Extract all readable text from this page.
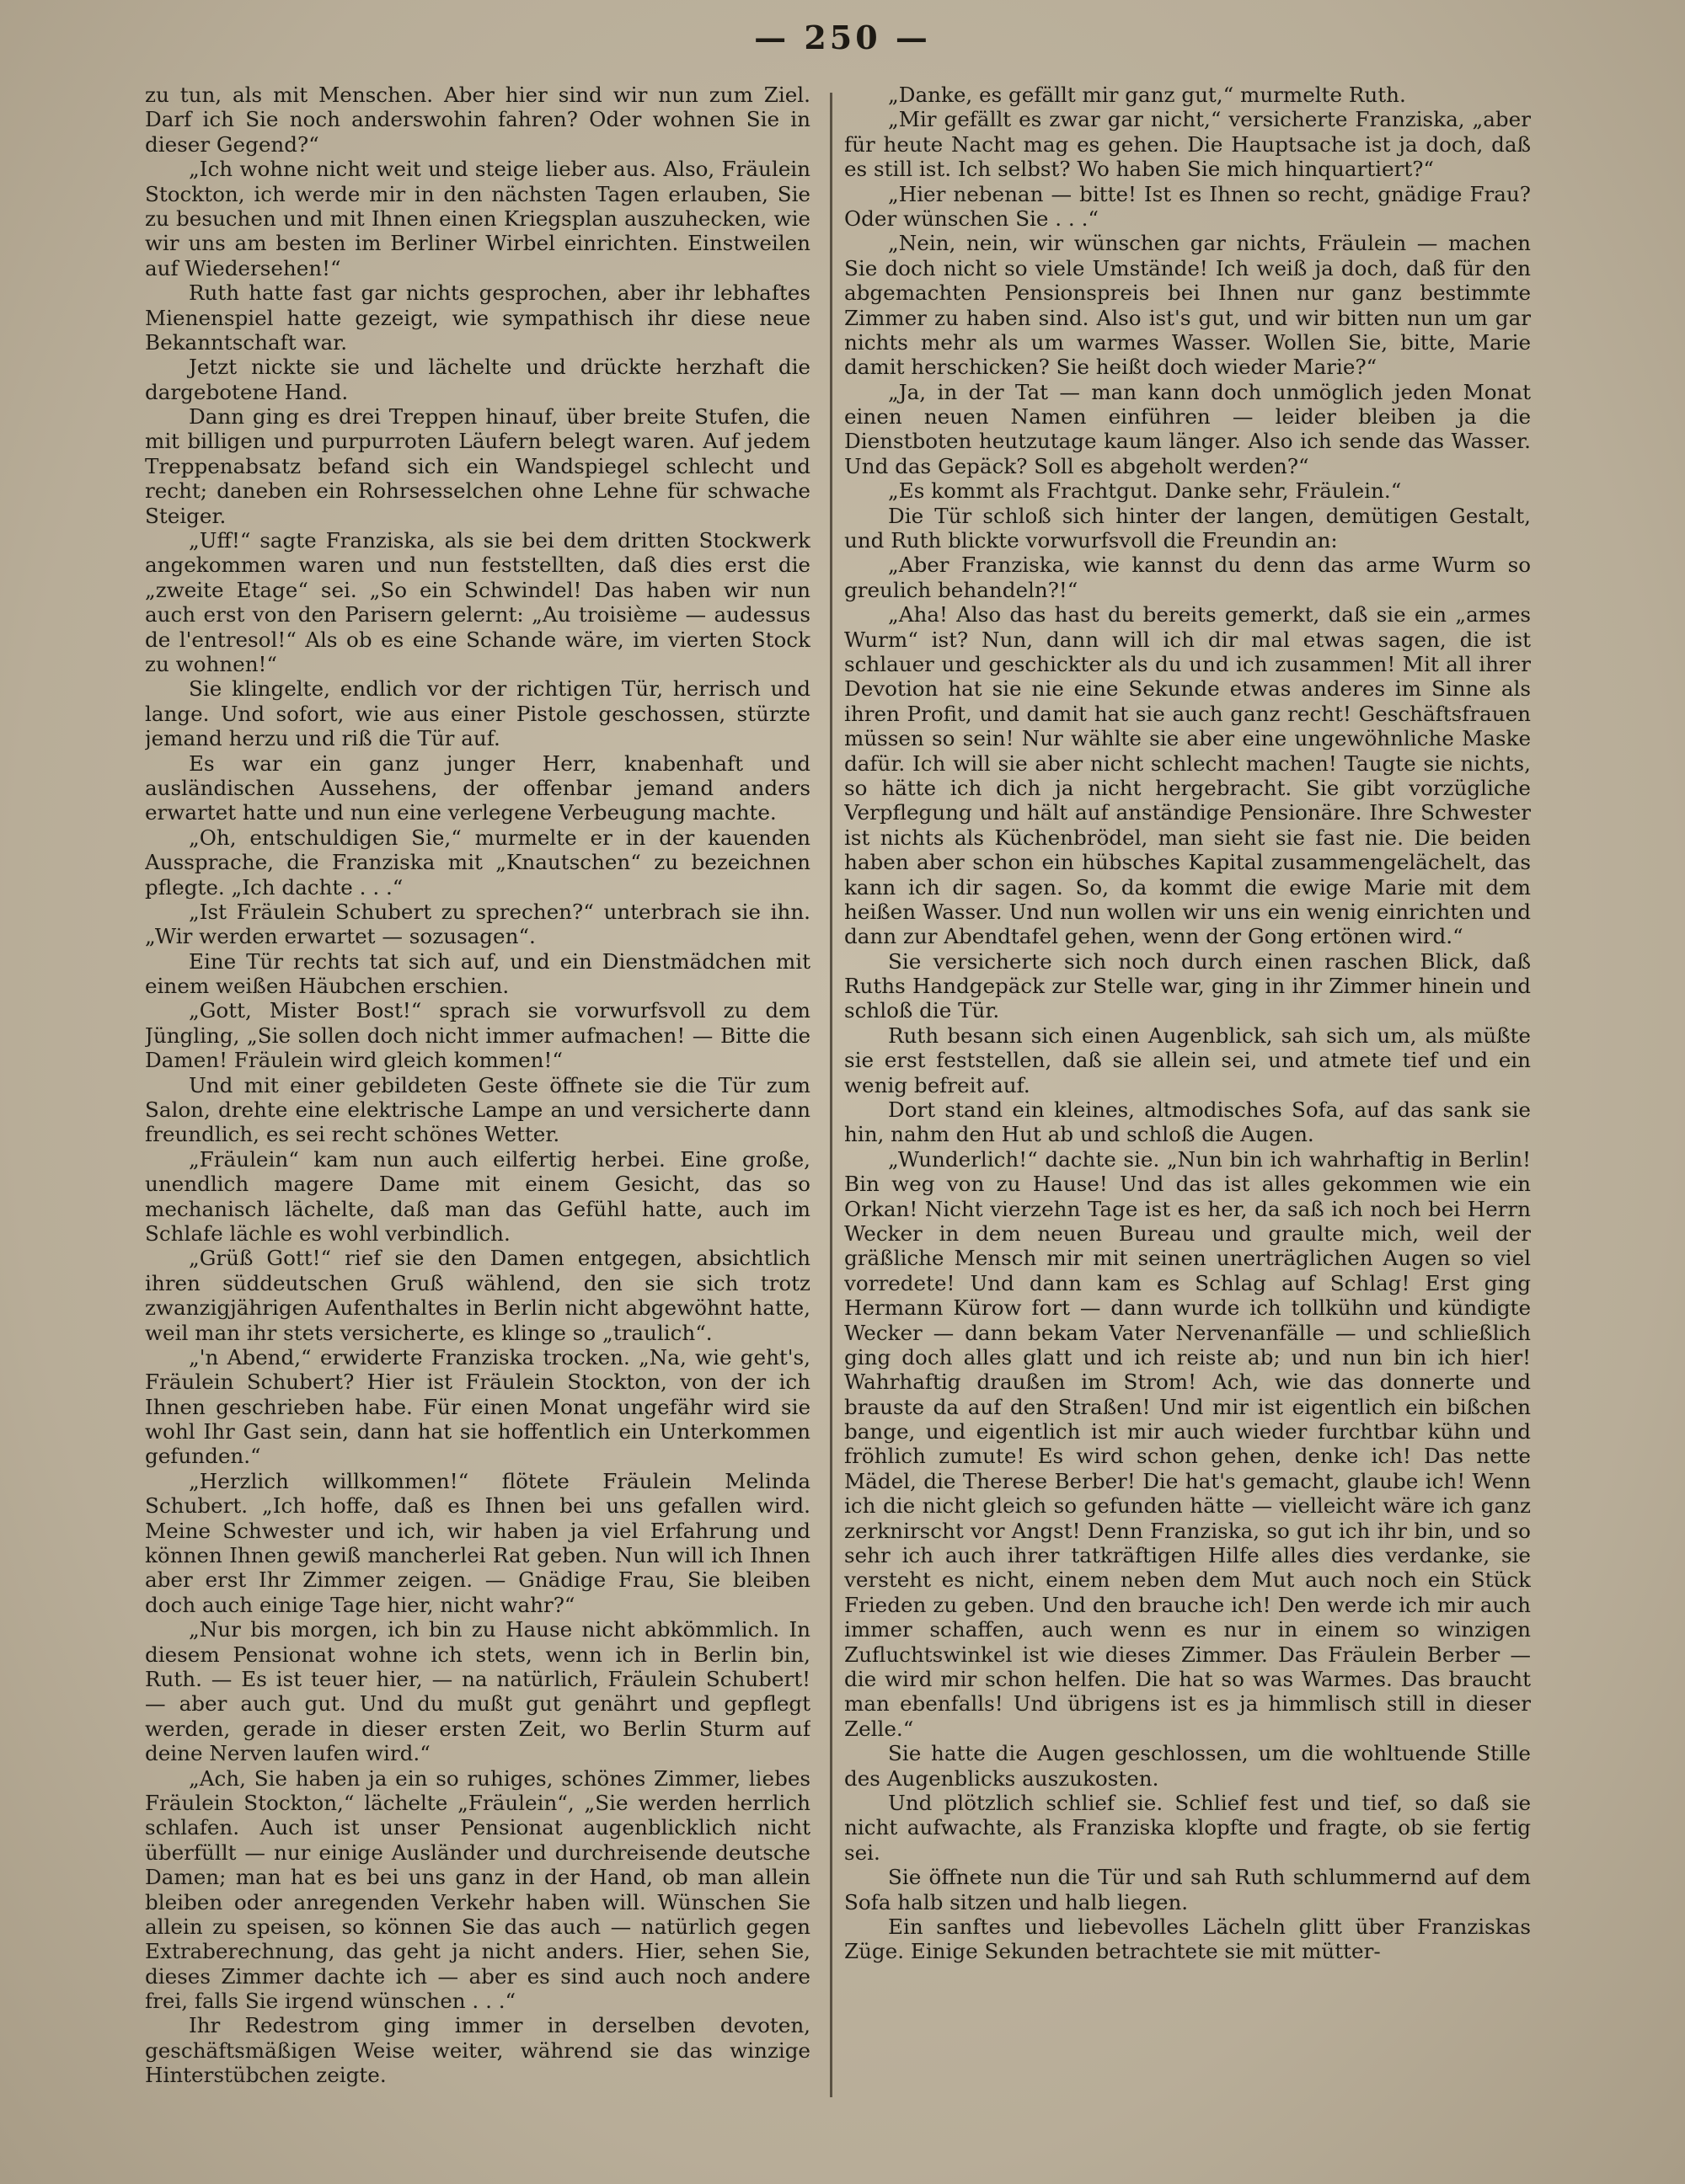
— 250 —

zu tun, als mit Menschen. Aber hier sind wir nun zum Ziel. Darf ich Sie noch anderswohin fahren? Oder wohnen Sie in dieser Gegend?“

„Ich wohne nicht weit und steige lieber aus. Also, Fräulein Stockton, ich werde mir in den nächsten Tagen erlauben, Sie zu besuchen und mit Ihnen einen Kriegsplan auszuhecken, wie wir uns am besten im Berliner Wirbel einrichten. Einstweilen auf Wiedersehen!“

Ruth hatte fast gar nichts gesprochen, aber ihr lebhaftes Mienenspiel hatte gezeigt, wie sympathisch ihr diese neue Bekanntschaft war.

Jetzt nickte sie und lächelte und drückte herzhaft die dargebotene Hand.

Dann ging es drei Treppen hinauf, über breite Stufen, die mit billigen und purpurroten Läufern belegt waren. Auf jedem Treppenabsatz befand sich ein Wandspiegel schlecht und recht; daneben ein Rohrsesselchen ohne Lehne für schwache Steiger.

„Uff!“ sagte Franziska, als sie bei dem dritten Stockwerk angekommen waren und nun feststellten, daß dies erst die „zweite Etage“ sei. „So ein Schwindel! Das haben wir nun auch erst von den Parisern gelernt: „Au troisième — audessus de l'entresol!“ Als ob es eine Schande wäre, im vierten Stock zu wohnen!“

Sie klingelte, endlich vor der richtigen Tür, herrisch und lange. Und sofort, wie aus einer Pistole geschossen, stürzte jemand herzu und riß die Tür auf.

Es war ein ganz junger Herr, knabenhaft und ausländischen Aussehens, der offenbar jemand anders erwartet hatte und nun eine verlegene Verbeugung machte.

„Oh, entschuldigen Sie,“ murmelte er in der kauenden Aussprache, die Franziska mit „Knautschen“ zu bezeichnen pflegte. „Ich dachte . . .“

„Ist Fräulein Schubert zu sprechen?“ unterbrach sie ihn. „Wir werden erwartet — sozusagen“.

Eine Tür rechts tat sich auf, und ein Dienstmädchen mit einem weißen Häubchen erschien.

„Gott, Mister Bost!“ sprach sie vorwurfsvoll zu dem Jüngling, „Sie sollen doch nicht immer aufmachen! — Bitte die Damen! Fräulein wird gleich kommen!“

Und mit einer gebildeten Geste öffnete sie die Tür zum Salon, drehte eine elektrische Lampe an und versicherte dann freundlich, es sei recht schönes Wetter.

„Fräulein“ kam nun auch eilfertig herbei. Eine große, unendlich magere Dame mit einem Gesicht, das so mechanisch lächelte, daß man das Gefühl hatte, auch im Schlafe lächle es wohl verbindlich.

„Grüß Gott!“ rief sie den Damen entgegen, absichtlich ihren süddeutschen Gruß wählend, den sie sich trotz zwanzigjährigen Aufenthaltes in Berlin nicht abgewöhnt hatte, weil man ihr stets versicherte, es klinge so „traulich“.

„'n Abend,“ erwiderte Franziska trocken. „Na, wie geht's, Fräulein Schubert? Hier ist Fräulein Stockton, von der ich Ihnen geschrieben habe. Für einen Monat ungefähr wird sie wohl Ihr Gast sein, dann hat sie hoffentlich ein Unterkommen gefunden.“

„Herzlich willkommen!“ flötete Fräulein Melinda Schubert. „Ich hoffe, daß es Ihnen bei uns gefallen wird. Meine Schwester und ich, wir haben ja viel Erfahrung und können Ihnen gewiß mancherlei Rat geben. Nun will ich Ihnen aber erst Ihr Zimmer zeigen. — Gnädige Frau, Sie bleiben doch auch einige Tage hier, nicht wahr?“

„Nur bis morgen, ich bin zu Hause nicht abkömmlich. In diesem Pensionat wohne ich stets, wenn ich in Berlin bin, Ruth. — Es ist teuer hier, — na natürlich, Fräulein Schubert! — aber auch gut. Und du mußt gut genährt und gepflegt werden, gerade in dieser ersten Zeit, wo Berlin Sturm auf deine Nerven laufen wird.“

„Ach, Sie haben ja ein so ruhiges, schönes Zimmer, liebes Fräulein Stockton,“ lächelte „Fräulein“, „Sie werden herrlich schlafen. Auch ist unser Pensionat augenblicklich nicht überfüllt — nur einige Ausländer und durchreisende deutsche Damen; man hat es bei uns ganz in der Hand, ob man allein bleiben oder anregenden Verkehr haben will. Wünschen Sie allein zu speisen, so können Sie das auch — natürlich gegen Extraberechnung, das geht ja nicht anders. Hier, sehen Sie, dieses Zimmer dachte ich — aber es sind auch noch andere frei, falls Sie irgend wünschen . . .“

Ihr Redestrom ging immer in derselben devoten, geschäftsmäßigen Weise weiter, während sie das winzige Hinterstübchen zeigte.

„Danke, es gefällt mir ganz gut,“ murmelte Ruth.

„Mir gefällt es zwar gar nicht,“ versicherte Franziska, „aber für heute Nacht mag es gehen. Die Hauptsache ist ja doch, daß es still ist. Ich selbst? Wo haben Sie mich hinquartiert?“

„Hier nebenan — bitte! Ist es Ihnen so recht, gnädige Frau? Oder wünschen Sie . . .“

„Nein, nein, wir wünschen gar nichts, Fräulein — machen Sie doch nicht so viele Umstände! Ich weiß ja doch, daß für den abgemachten Pensionspreis bei Ihnen nur ganz bestimmte Zimmer zu haben sind. Also ist's gut, und wir bitten nun um gar nichts mehr als um warmes Wasser. Wollen Sie, bitte, Marie damit herschicken? Sie heißt doch wieder Marie?“

„Ja, in der Tat — man kann doch unmöglich jeden Monat einen neuen Namen einführen — leider bleiben ja die Dienstboten heutzutage kaum länger. Also ich sende das Wasser. Und das Gepäck? Soll es abgeholt werden?“

„Es kommt als Frachtgut. Danke sehr, Fräulein.“

Die Tür schloß sich hinter der langen, demütigen Gestalt, und Ruth blickte vorwurfsvoll die Freundin an:

„Aber Franziska, wie kannst du denn das arme Wurm so greulich behandeln?!“

„Aha! Also das hast du bereits gemerkt, daß sie ein „armes Wurm“ ist? Nun, dann will ich dir mal etwas sagen, die ist schlauer und geschickter als du und ich zusammen! Mit all ihrer Devotion hat sie nie eine Sekunde etwas anderes im Sinne als ihren Profit, und damit hat sie auch ganz recht! Geschäftsfrauen müssen so sein! Nur wählte sie aber eine ungewöhnliche Maske dafür. Ich will sie aber nicht schlecht machen! Taugte sie nichts, so hätte ich dich ja nicht hergebracht. Sie gibt vorzügliche Verpflegung und hält auf anständige Pensionäre. Ihre Schwester ist nichts als Küchenbrödel, man sieht sie fast nie. Die beiden haben aber schon ein hübsches Kapital zusammengelächelt, das kann ich dir sagen. So, da kommt die ewige Marie mit dem heißen Wasser. Und nun wollen wir uns ein wenig einrichten und dann zur Abendtafel gehen, wenn der Gong ertönen wird.“

Sie versicherte sich noch durch einen raschen Blick, daß Ruths Handgepäck zur Stelle war, ging in ihr Zimmer hinein und schloß die Tür.

Ruth besann sich einen Augenblick, sah sich um, als müßte sie erst feststellen, daß sie allein sei, und atmete tief und ein wenig befreit auf.

Dort stand ein kleines, altmodisches Sofa, auf das sank sie hin, nahm den Hut ab und schloß die Augen.

„Wunderlich!“ dachte sie. „Nun bin ich wahrhaftig in Berlin! Bin weg von zu Hause! Und das ist alles gekommen wie ein Orkan! Nicht vierzehn Tage ist es her, da saß ich noch bei Herrn Wecker in dem neuen Bureau und graulte mich, weil der gräßliche Mensch mir mit seinen unerträglichen Augen so viel vorredete! Und dann kam es Schlag auf Schlag! Erst ging Hermann Kürow fort — dann wurde ich tollkühn und kündigte Wecker — dann bekam Vater Nervenanfälle — und schließlich ging doch alles glatt und ich reiste ab; und nun bin ich hier! Wahrhaftig draußen im Strom! Ach, wie das donnerte und brauste da auf den Straßen! Und mir ist eigentlich ein bißchen bange, und eigentlich ist mir auch wieder furchtbar kühn und fröhlich zumute! Es wird schon gehen, denke ich! Das nette Mädel, die Therese Berber! Die hat's gemacht, glaube ich! Wenn ich die nicht gleich so gefunden hätte — vielleicht wäre ich ganz zerknirscht vor Angst! Denn Franziska, so gut ich ihr bin, und so sehr ich auch ihrer tatkräftigen Hilfe alles dies verdanke, sie versteht es nicht, einem neben dem Mut auch noch ein Stück Frieden zu geben. Und den brauche ich! Den werde ich mir auch immer schaffen, auch wenn es nur in einem so winzigen Zufluchtswinkel ist wie dieses Zimmer. Das Fräulein Berber — die wird mir schon helfen. Die hat so was Warmes. Das braucht man ebenfalls! Und übrigens ist es ja himmlisch still in dieser Zelle.“

Sie hatte die Augen geschlossen, um die wohltuende Stille des Augenblicks auszukosten.

Und plötzlich schlief sie. Schlief fest und tief, so daß sie nicht aufwachte, als Franziska klopfte und fragte, ob sie fertig sei.

Sie öffnete nun die Tür und sah Ruth schlummernd auf dem Sofa halb sitzen und halb liegen.

Ein sanftes und liebevolles Lächeln glitt über Franziskas Züge. Einige Sekunden betrachtete sie mit mütter-
